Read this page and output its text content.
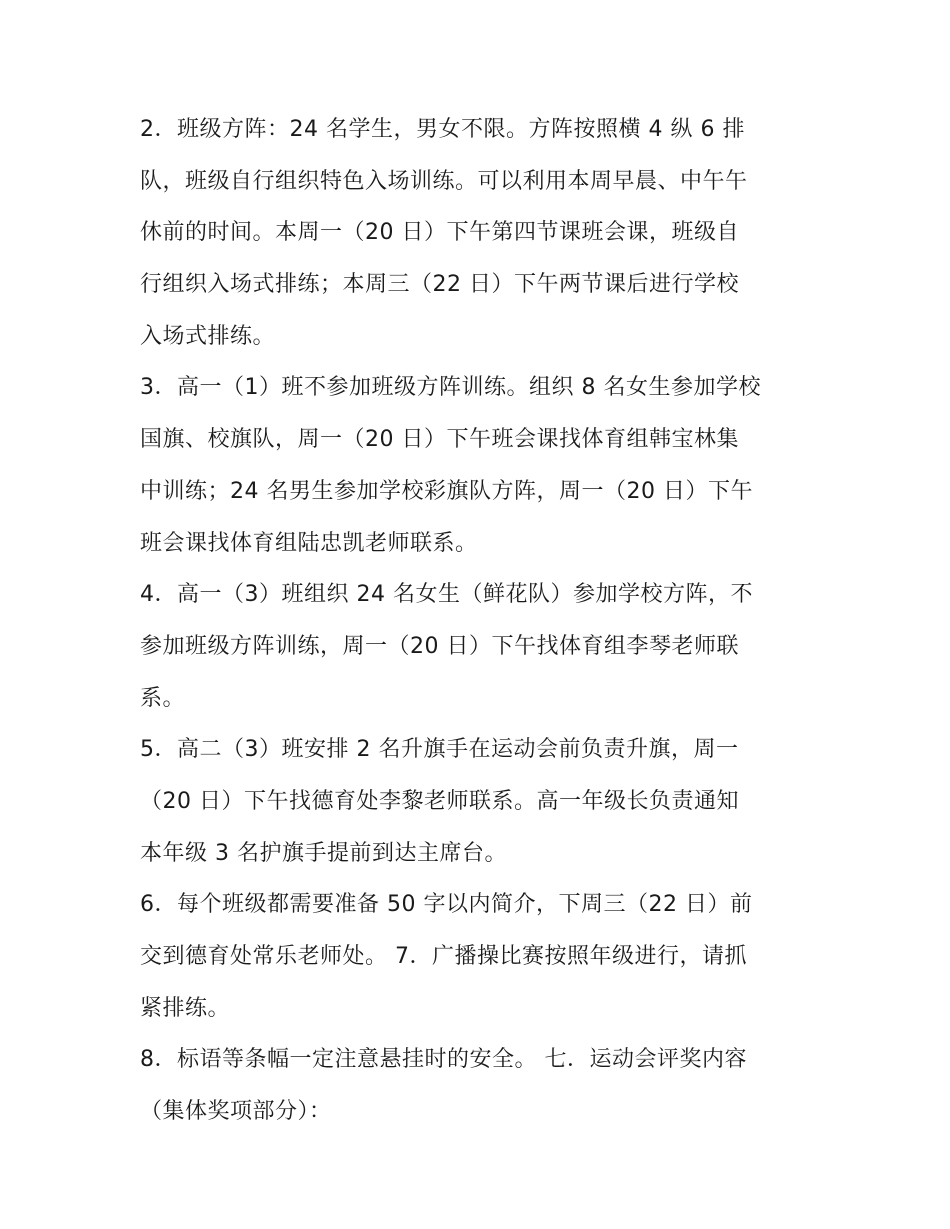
2．班级方阵：24 名学生，男女不限。方阵按照横 4 纵 6 排
队，班级自行组织特色入场训练。可以利用本周早晨、中午午
休前的时间。本周一（20 日）下午第四节课班会课，班级自
行组织入场式排练；本周三（22 日）下午两节课后进行学校
入场式排练。
3．高一（1）班不参加班级方阵训练。组织 8 名女生参加学校
国旗、校旗队，周一（20 日）下午班会课找体育组韩宝林集
中训练；24 名男生参加学校彩旗队方阵，周一（20 日）下午
班会课找体育组陆忠凯老师联系。
4．高一（3）班组织 24 名女生（鲜花队）参加学校方阵，不
参加班级方阵训练，周一（20 日）下午找体育组李琴老师联
系。
5．高二（3）班安排 2 名升旗手在运动会前负责升旗，周一
（20 日）下午找德育处李黎老师联系。高一年级长负责通知
本年级 3 名护旗手提前到达主席台。
6．每个班级都需要准备 50 字以内简介，下周三（22 日）前
交到德育处常乐老师处。 7．广播操比赛按照年级进行，请抓
紧排练。
8．标语等条幅一定注意悬挂时的安全。 七．运动会评奖内容
（集体奖项部分）：
